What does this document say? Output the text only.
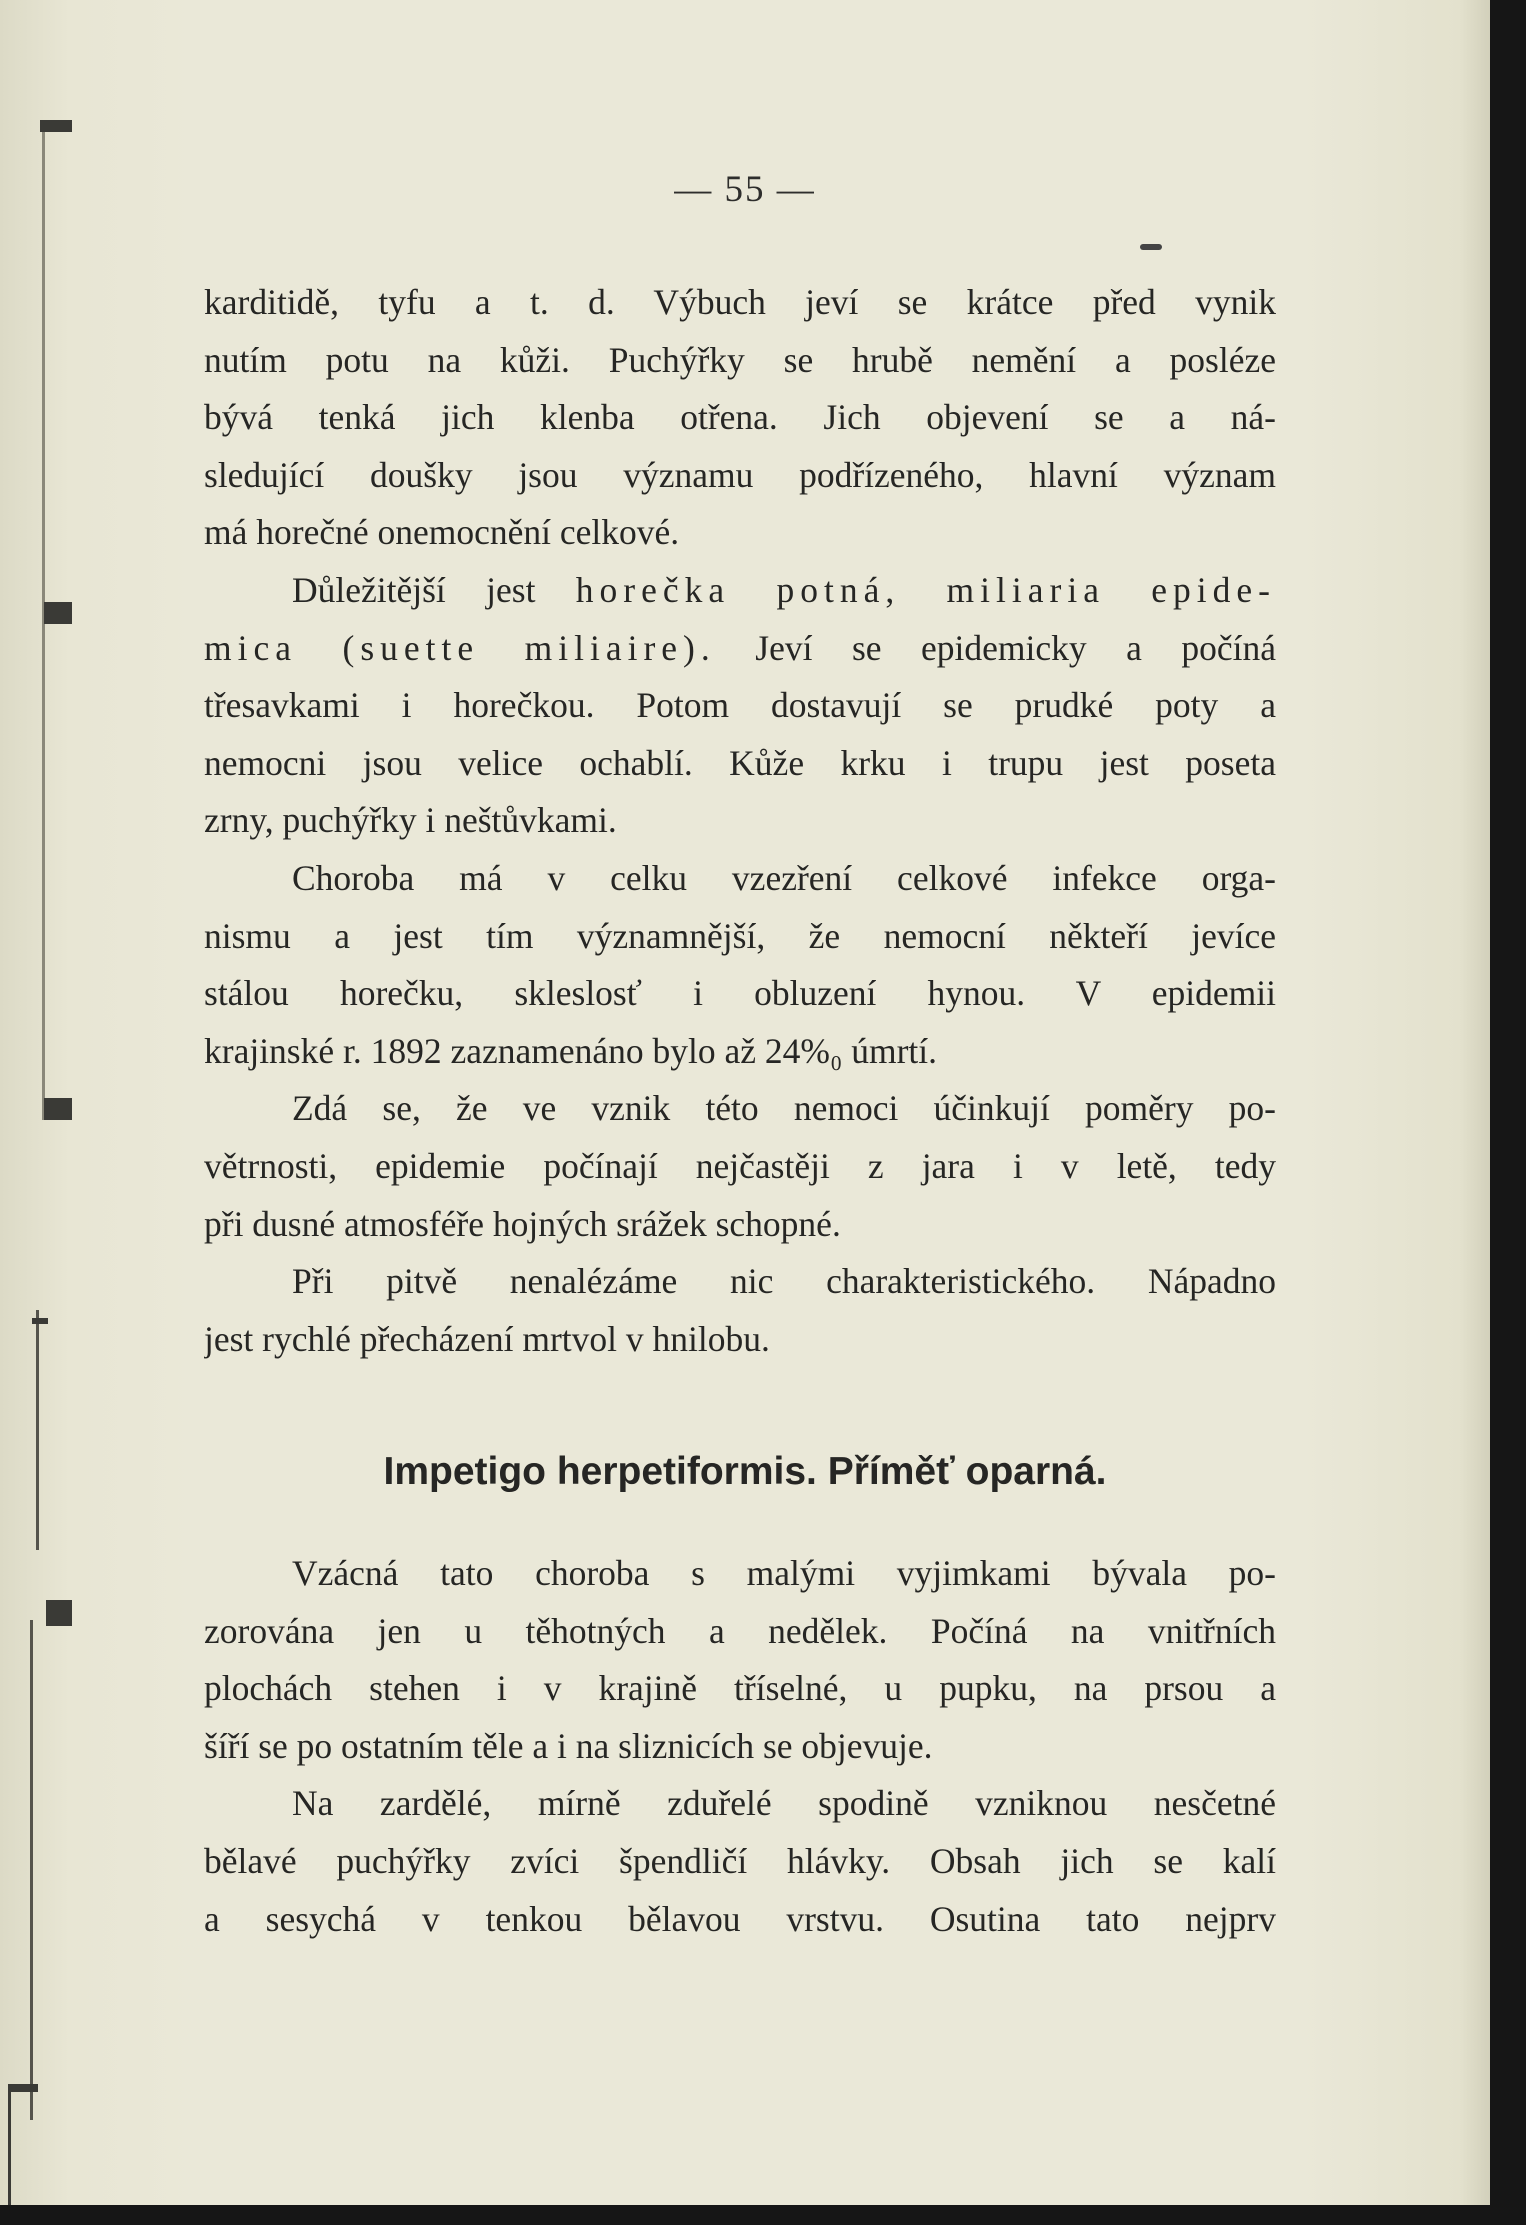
— 55 —
karditidě, tyfu a t. d. Výbuch jeví se krátce před vynik
nutím potu na kůži. Puchýřky se hrubě nemění a posléze
bývá tenká jich klenba otřena. Jich objevení se a ná-
sledující doušky jsou významu podřízeného, hlavní význam
má horečné onemocnění celkové.
Důležitější jest horečka potná, miliaria epide-
mica (suette miliaire). Jeví se epidemicky a počíná
třesavkami i horečkou. Potom dostavují se prudké poty a
nemocni jsou velice ochablí. Kůže krku i trupu jest poseta
zrny, puchýřky i neštůvkami.
Choroba má v celku vzezření celkové infekce orga-
nismu a jest tím významnější, že nemocní někteří jevíce
stálou horečku, skleslosť i obluzení hynou. V epidemii
krajinské r. 1892 zaznamenáno bylo až 24%₀ úmrtí.
Zdá se, že ve vznik této nemoci účinkují poměry po-
větrnosti, epidemie počínají nejčastěji z jara i v letě, tedy
při dusné atmosféře hojných srážek schopné.
Při pitvě nenalézáme nic charakteristického. Nápadno
jest rychlé přecházení mrtvol v hnilobu.
Impetigo herpetiformis. Příměť oparná.
Vzácná tato choroba s malými vyjimkami bývala po-
zorována jen u těhotných a nedělek. Počíná na vnitřních
plochách stehen i v krajině tříselné, u pupku, na prsou a
šíří se po ostatním těle a i na sliznicích se objevuje.
Na zardělé, mírně zduřelé spodině vzniknou nesčetné
bělavé puchýřky zvíci špendličí hlávky. Obsah jich se kalí
a sesychá v tenkou bělavou vrstvu. Osutina tato nejprv
